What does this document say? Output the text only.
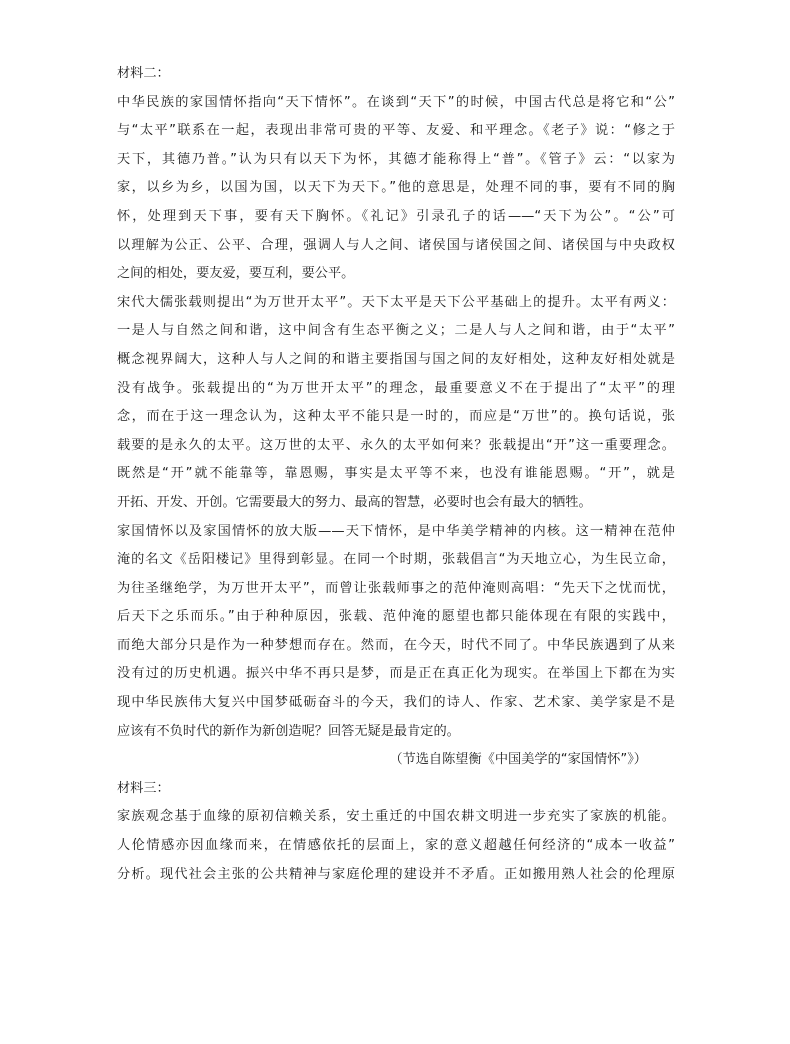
材料二：
中华民族的家国情怀指向“天下情怀”。在谈到“天下”的时候，中国古代总是将它和“公”
与“太平”联系在一起，表现出非常可贵的平等、友爱、和平理念。《老子》说：“修之于
天下，其德乃普。”认为只有以天下为怀，其德才能称得上“普”。《管子》云：“以家为
家，以乡为乡，以国为国，以天下为天下。”他的意思是，处理不同的事，要有不同的胸
怀，处理到天下事，要有天下胸怀。《礼记》引录孔子的话——“天下为公”。“公”可
以理解为公正、公平、合理，强调人与人之间、诸侯国与诸侯国之间、诸侯国与中央政权
之间的相处，要友爱，要互利，要公平。
宋代大儒张载则提出“为万世开太平”。天下太平是天下公平基础上的提升。太平有两义：
一是人与自然之间和谐，这中间含有生态平衡之义；二是人与人之间和谐，由于“太平”
概念视界阔大，这种人与人之间的和谐主要指国与国之间的友好相处，这种友好相处就是
没有战争。张载提出的“为万世开太平”的理念，最重要意义不在于提出了“太平”的理
念，而在于这一理念认为，这种太平不能只是一时的，而应是“万世”的。换句话说，张
载要的是永久的太平。这万世的太平、永久的太平如何来？张载提出“开”这一重要理念。
既然是“开”就不能靠等，靠恩赐，事实是太平等不来，也没有谁能恩赐。“开”，就是
开拓、开发、开创。它需要最大的努力、最高的智慧，必要时也会有最大的牺牲。
家国情怀以及家国情怀的放大版——天下情怀，是中华美学精神的内核。这一精神在范仲
淹的名文《岳阳楼记》里得到彰显。在同一个时期，张载倡言“为天地立心，为生民立命，
为往圣继绝学，为万世开太平”，而曾让张载师事之的范仲淹则高唱：“先天下之忧而忧，
后天下之乐而乐。”由于种种原因，张载、范仲淹的愿望也都只能体现在有限的实践中，
而绝大部分只是作为一种梦想而存在。然而，在今天，时代不同了。中华民族遇到了从来
没有过的历史机遇。振兴中华不再只是梦，而是正在真正化为现实。在举国上下都在为实
现中华民族伟大复兴中国梦砥砺奋斗的今天，我们的诗人、作家、艺术家、美学家是不是
应该有不负时代的新作为新创造呢？回答无疑是最肯定的。
（节选自陈望衡《中国美学的“家国情怀”》）
材料三：
家族观念基于血缘的原初信赖关系，安土重迁的中国农耕文明进一步充实了家族的机能。
人伦情感亦因血缘而来，在情感依托的层面上，家的意义超越任何经济的“成本一收益”
分析。现代社会主张的公共精神与家庭伦理的建设并不矛盾。正如搬用熟人社会的伦理原
